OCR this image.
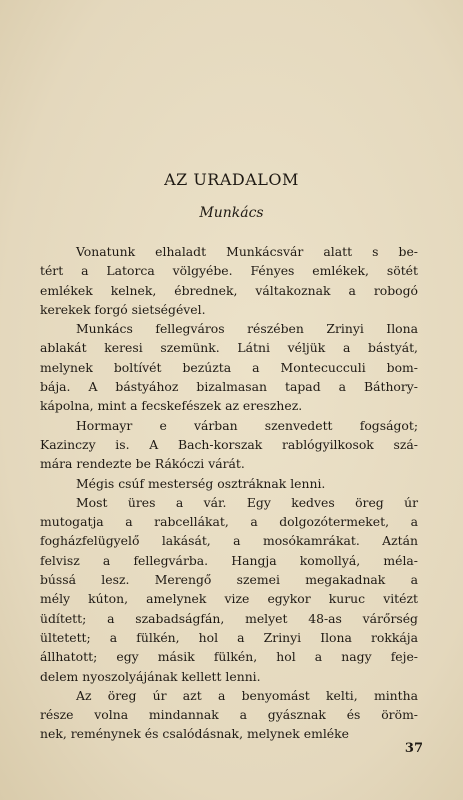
AZ URADALOM
Munkács
Vonatunk elhaladt Munkácsvár alatt s be-
tért a Latorca völgyébe. Fényes emlékek, sötét
emlékek kelnek, ébrednek, váltakoznak a robogó
kerekek forgó sietségével.
Munkács fellegváros részében Zrinyi Ilona
ablakát keresi szemünk. Látni véljük a bástyát,
melynek boltívét bezúzta a Montecucculi bom-
bája. A bástyához bizalmasan tapad a Báthory-
kápolna, mint a fecskefészek az ereszhez.
Hormayr e várban szenvedett fogságot;
Kazinczy is. A Bach-korszak rablógyilkosok szá-
mára rendezte be Rákóczi várát.
Mégis csúf mesterség osztráknak lenni.
Most üres a vár. Egy kedves öreg úr
mutogatja a rabcellákat, a dolgozótermeket, a
fogházfelügyelő lakását, a mosókamrákat. Aztán
felvisz a fellegvárba. Hangja komollyá, méla-
bússá lesz. Merengő szemei megakadnak a
mély kúton, amelynek vize egykor kuruc vitézt
üdített; a szabadságfán, melyet 48-as várőrség
ültetett; a fülkén, hol a Zrinyi Ilona rokkája
állhatott; egy másik fülkén, hol a nagy feje-
delem nyoszolyájának kellett lenni.
Az öreg úr azt a benyomást kelti, mintha
része volna mindannak a gyásznak és öröm-
nek, reménynek és csalódásnak, melynek emléke
37
